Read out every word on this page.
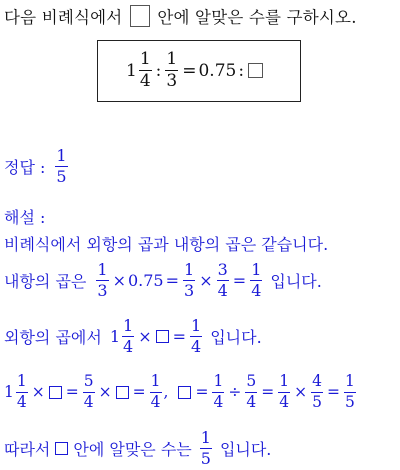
다음 비례식에서 안에 알맞은 수를 구하시오.
$1 \frac{1}{4}$ : $\frac{1}{3} = 0.75$ :
정답 : $\frac{1}{5}$
해설 :
비례식에서 외항의 곱과 내항의 곱은 같습니다.
내항의 곱은 $\frac{1}{3} \times 0.75 = \frac{1}{3} \times \frac{3}{4} = \frac{1}{4}$ 입니다.
외항의 곱에서 $1 \frac{1}{4}$ × = $\frac{1}{4}$ 입니다.
$1 \frac{1}{4}$ × = $\frac{5}{4}$ × = $\frac{1}{4}$ , = $\frac{1}{4} \div \frac{5}{4} = \frac{1}{4} \times \frac{4}{5} = \frac{1}{5}$
따라서 안에 알맞은 수는 $\frac{1}{5}$ 입니다.
